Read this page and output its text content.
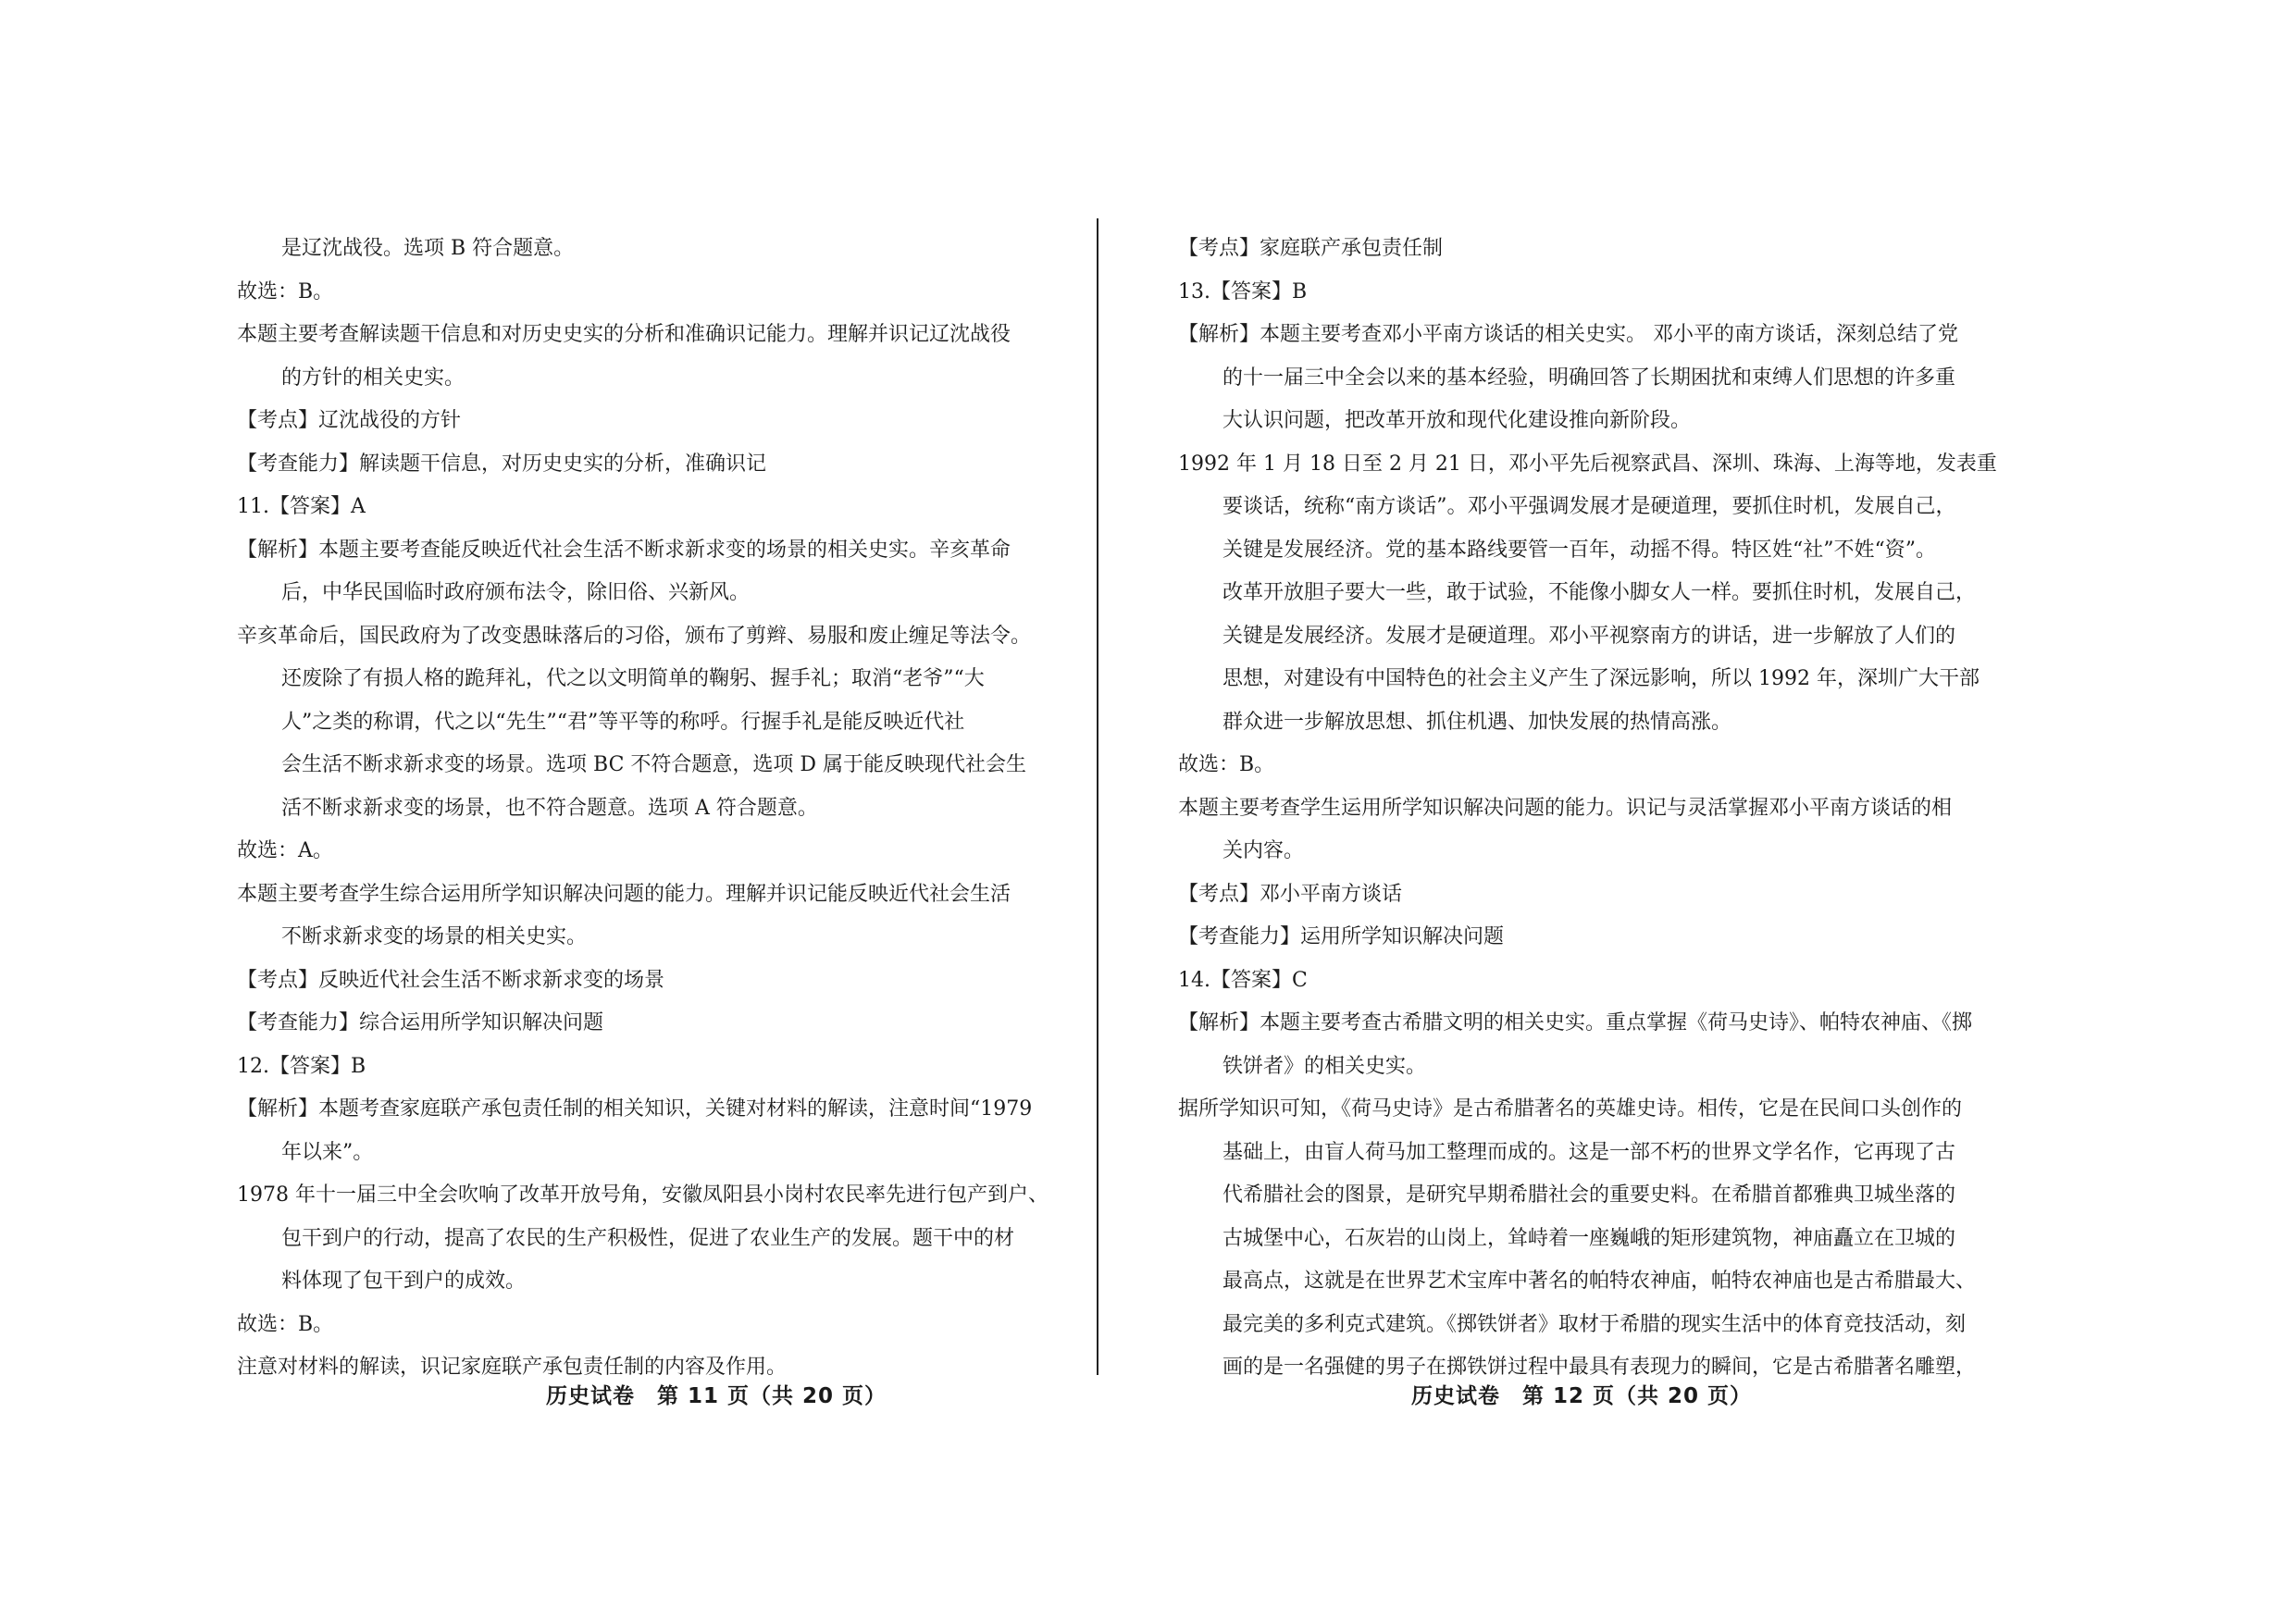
是辽沈战役。选项 B 符合题意。
故选：B。
本题主要考查解读题干信息和对历史史实的分析和准确识记能力。理解并识记辽沈战役
的方针的相关史实。
【考点】辽沈战役的方针
【考查能力】解读题干信息，对历史史实的分析，准确识记
11.【答案】A
【解析】本题主要考查能反映近代社会生活不断求新求变的场景的相关史实。辛亥革命
后，中华民国临时政府颁布法令，除旧俗、兴新风。
辛亥革命后，国民政府为了改变愚昧落后的习俗，颁布了剪辫、易服和废止缠足等法令。
还废除了有损人格的跪拜礼，代之以文明简单的鞠躬、握手礼；取消“老爷”“大
人”之类的称谓，代之以“先生”“君”等平等的称呼。行握手礼是能反映近代社
会生活不断求新求变的场景。选项 BC 不符合题意，选项 D 属于能反映现代社会生
活不断求新求变的场景，也不符合题意。选项 A 符合题意。
故选：A。
本题主要考查学生综合运用所学知识解决问题的能力。理解并识记能反映近代社会生活
不断求新求变的场景的相关史实。
【考点】反映近代社会生活不断求新求变的场景
【考查能力】综合运用所学知识解决问题
12.【答案】B
【解析】本题考查家庭联产承包责任制的相关知识，关键对材料的解读，注意时间“1979
年以来”。
1978 年十一届三中全会吹响了改革开放号角，安徽凤阳县小岗村农民率先进行包产到户、
包干到户的行动，提高了农民的生产积极性，促进了农业生产的发展。题干中的材
料体现了包干到户的成效。
故选：B。
注意对材料的解读，识记家庭联产承包责任制的内容及作用。
【考点】家庭联产承包责任制
13.【答案】B
【解析】本题主要考查邓小平南方谈话的相关史实。 邓小平的南方谈话，深刻总结了党
的十一届三中全会以来的基本经验，明确回答了长期困扰和束缚人们思想的许多重
大认识问题，把改革开放和现代化建设推向新阶段。
1992 年 1 月 18 日至 2 月 21 日，邓小平先后视察武昌、深圳、珠海、上海等地，发表重
要谈话，统称“南方谈话”。邓小平强调发展才是硬道理，要抓住时机，发展自己，
关键是发展经济。党的基本路线要管一百年，动摇不得。特区姓“社”不姓“资”。
改革开放胆子要大一些，敢于试验，不能像小脚女人一样。要抓住时机，发展自己，
关键是发展经济。发展才是硬道理。邓小平视察南方的讲话，进一步解放了人们的
思想，对建设有中国特色的社会主义产生了深远影响，所以 1992 年，深圳广大干部
群众进一步解放思想、抓住机遇、加快发展的热情高涨。
故选：B。
本题主要考查学生运用所学知识解决问题的能力。识记与灵活掌握邓小平南方谈话的相
关内容。
【考点】邓小平南方谈话
【考查能力】运用所学知识解决问题
14.【答案】C
【解析】本题主要考查古希腊文明的相关史实。重点掌握《荷马史诗》、帕特农神庙、《掷
铁饼者》的相关史实。
据所学知识可知，《荷马史诗》是古希腊著名的英雄史诗。相传，它是在民间口头创作的
基础上，由盲人荷马加工整理而成的。这是一部不朽的世界文学名作，它再现了古
代希腊社会的图景，是研究早期希腊社会的重要史料。在希腊首都雅典卫城坐落的
古城堡中心，石灰岩的山岗上，耸峙着一座巍峨的矩形建筑物，神庙矗立在卫城的
最高点，这就是在世界艺术宝库中著名的帕特农神庙，帕特农神庙也是古希腊最大、
最完美的多利克式建筑。《掷铁饼者》取材于希腊的现实生活中的体育竞技活动，刻
画的是一名强健的男子在掷铁饼过程中最具有表现力的瞬间，它是古希腊著名雕塑，
历史试卷　第 11 页（共 20 页）	历史试卷　第 12 页（共 20 页）
